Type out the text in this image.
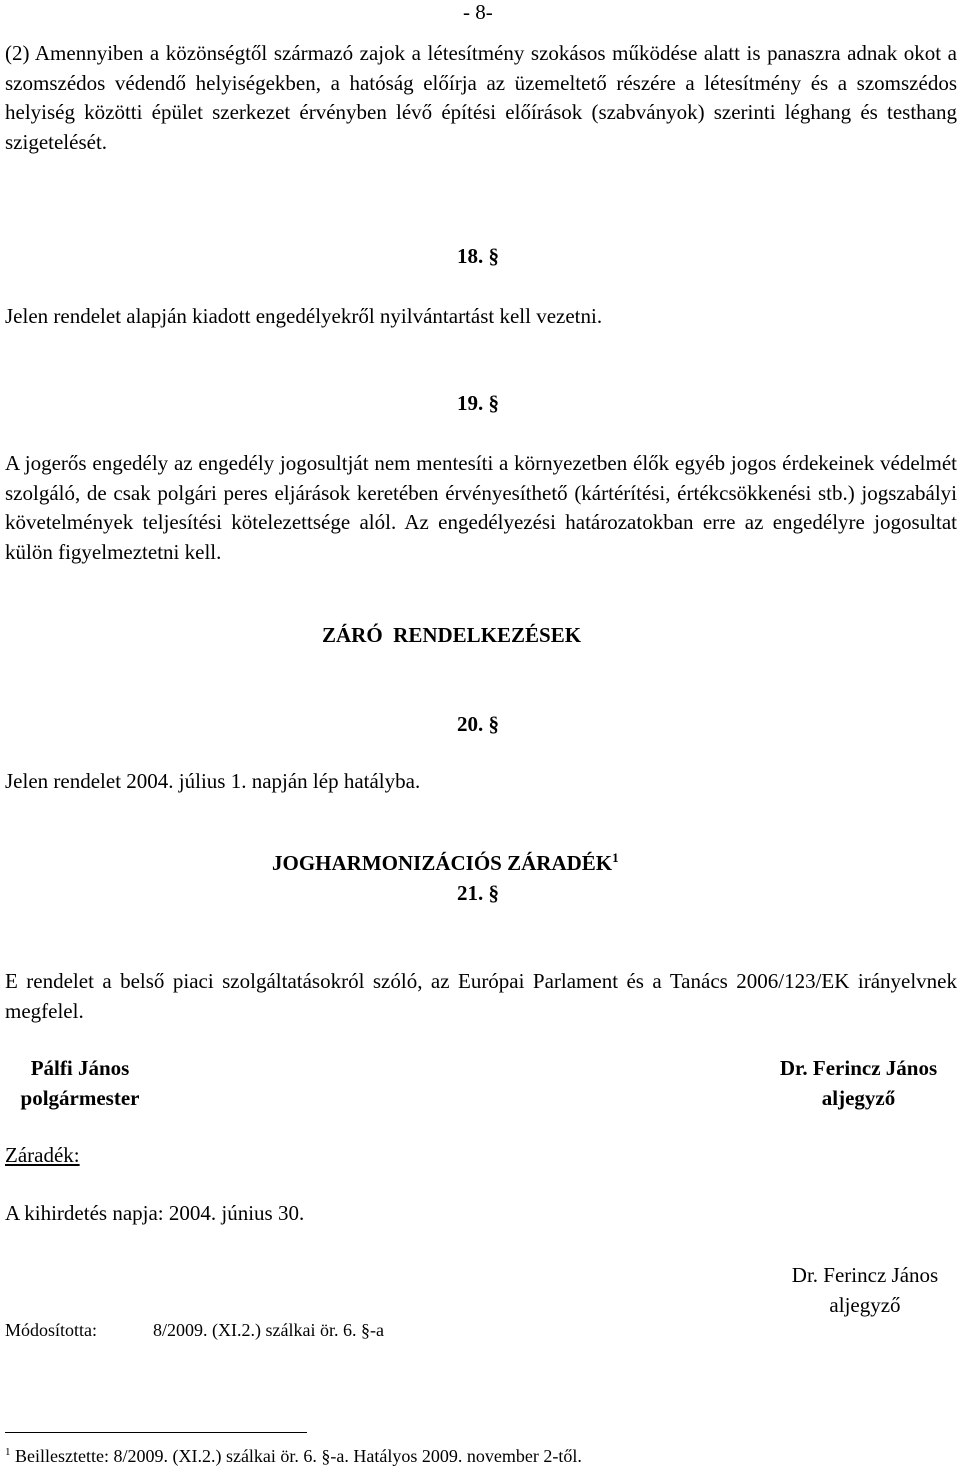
- 8-
(2) Amennyiben a közönségtől származó zajok a létesítmény szokásos működése alatt is panaszra adnak okot a szomszédos védendő helyiségekben, a hatóság előírja az üzemeltető részére a létesítmény és a szomszédos helyiség közötti épület szerkezet érvényben lévő építési előírások (szabványok) szerinti léghang és testhang szigetelését.
18. §
Jelen rendelet alapján kiadott engedélyekről nyilvántartást kell vezetni.
19. §
A jogerős engedély az engedély jogosultját nem mentesíti a környezetben élők egyéb jogos érdekeinek védelmét szolgáló, de csak polgári peres eljárások keretében érvényesíthető (kártérítési, értékcsökkenési stb.) jogszabályi követelmények teljesítési kötelezettsége alól. Az engedélyezési határozatokban erre az engedélyre jogosultat külön figyelmeztetni kell.
ZÁRÓ  RENDELKEZÉSEK
20. §
Jelen rendelet 2004. július 1. napján lép hatályba.
JOGHARMONIZÁCIÓS ZÁRADÉK$^1$
21. §
E rendelet a belső piaci szolgáltatásokról szóló, az Európai Parlament és a Tanács 2006/123/EK irányelvnek megfelel.
Pálfi János
polgármester
Dr. Ferincz János
aljegyző
Záradék:
A kihirdetés napja: 2004. június 30.
Dr. Ferincz János
aljegyző
Módosította:	8/2009. (XI.2.) szálkai ör. 6. §-a
$^1$ Beillesztette: 8/2009. (XI.2.) szálkai ör. 6. §-a. Hatályos 2009. november 2-től.
